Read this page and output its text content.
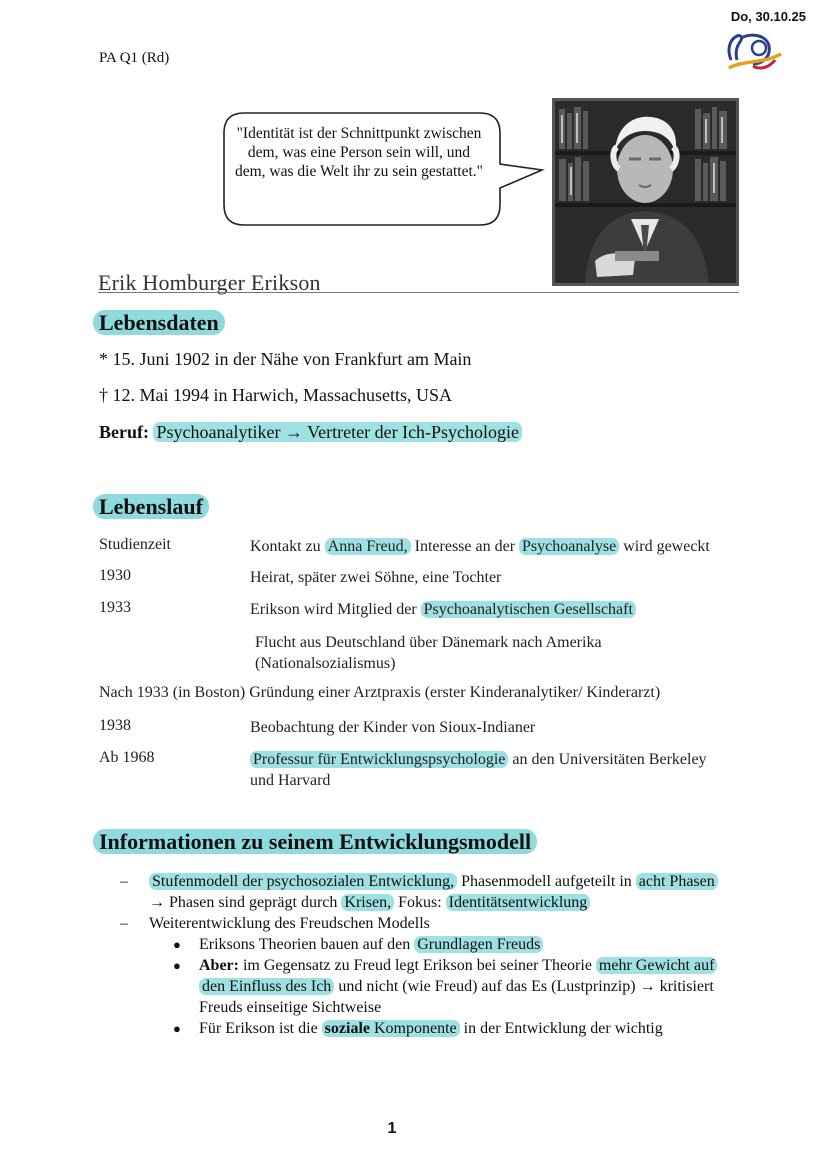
Do, 30.10.25
PA Q1 (Rd)
"Identität ist der Schnittpunkt zwischen dem, was eine Person sein will, und dem, was die Welt ihr zu sein gestattet."
Erik Homburger Erikson
Lebensdaten
* 15. Juni 1902 in der Nähe von Frankfurt am Main
† 12. Mai 1994 in Harwich, Massachusetts, USA
Beruf: Psychoanalytiker → Vertreter der Ich-Psychologie
Lebenslauf
Studienzeit	Kontakt zu Anna Freud, Interesse an der Psychoanalyse wird geweckt
1930	Heirat, später zwei Söhne, eine Tochter
1933	Erikson wird Mitglied der Psychoanalytischen Gesellschaft
Flucht aus Deutschland über Dänemark nach Amerika (Nationalsozialismus)
Nach 1933 (in Boston) Gründung einer Arztpraxis (erster Kinderanalytiker/ Kinderarzt)
1938	Beobachtung der Kinder von Sioux-Indianer
Ab 1968	Professur für Entwicklungspsychologie an den Universitäten Berkeley und Harvard
Informationen zu seinem Entwicklungsmodell
– Stufenmodell der psychosozialen Entwicklung, Phasenmodell aufgeteilt in acht Phasen
→ Phasen sind geprägt durch Krisen, Fokus: Identitätsentwicklung
– Weiterentwicklung des Freudschen Modells
● Eriksons Theorien bauen auf den Grundlagen Freuds
● Aber: im Gegensatz zu Freud legt Erikson bei seiner Theorie mehr Gewicht auf den Einfluss des Ich und nicht (wie Freud) auf das Es (Lustprinzip) → kritisiert Freuds einseitige Sichtweise
● Für Erikson ist die soziale Komponente in der Entwicklung der wichtig
1
